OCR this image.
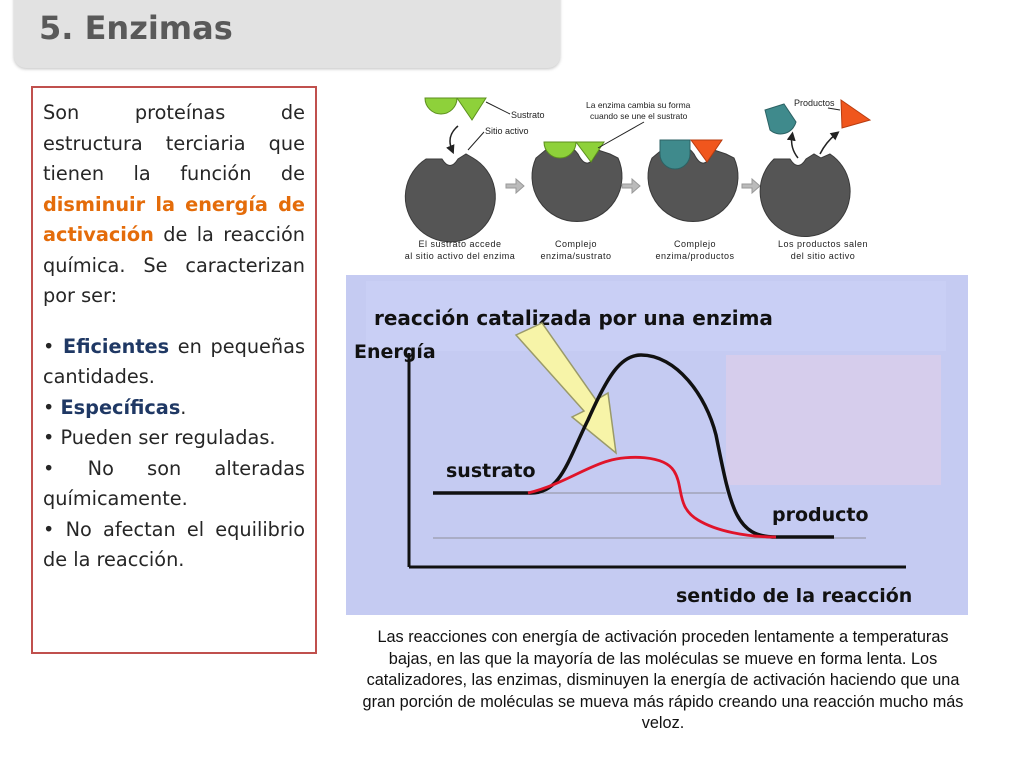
5. Enzimas

Son proteínas de estructura terciaria que tienen la función de disminuir la energía de activación de la reacción química. Se caracterizan por ser:

• Eficientes en pequeñas cantidades.
• Específicas.
• Pueden ser reguladas.
• No son alteradas químicamente.
• No afectan el equilibrio de la reacción.
Sustrato
Sitio activo
El sustrato accede
al sitio activo del enzima
La enzima cambia su forma
cuando se une el sustrato
Complejo
enzima/sustrato
Complejo
enzima/productos
Productos
Los productos salen
del sitio activo
reacción catalizada por una enzima
Energía
sustrato
producto
sentido de la reacción
Las reacciones con energía de activación proceden lentamente a temperaturas bajas, en las que la mayoría de las moléculas se mueve en forma lenta. Los catalizadores, las enzimas, disminuyen la energía de activación haciendo que una gran porción de moléculas se mueva más rápido creando una reacción mucho más veloz.
